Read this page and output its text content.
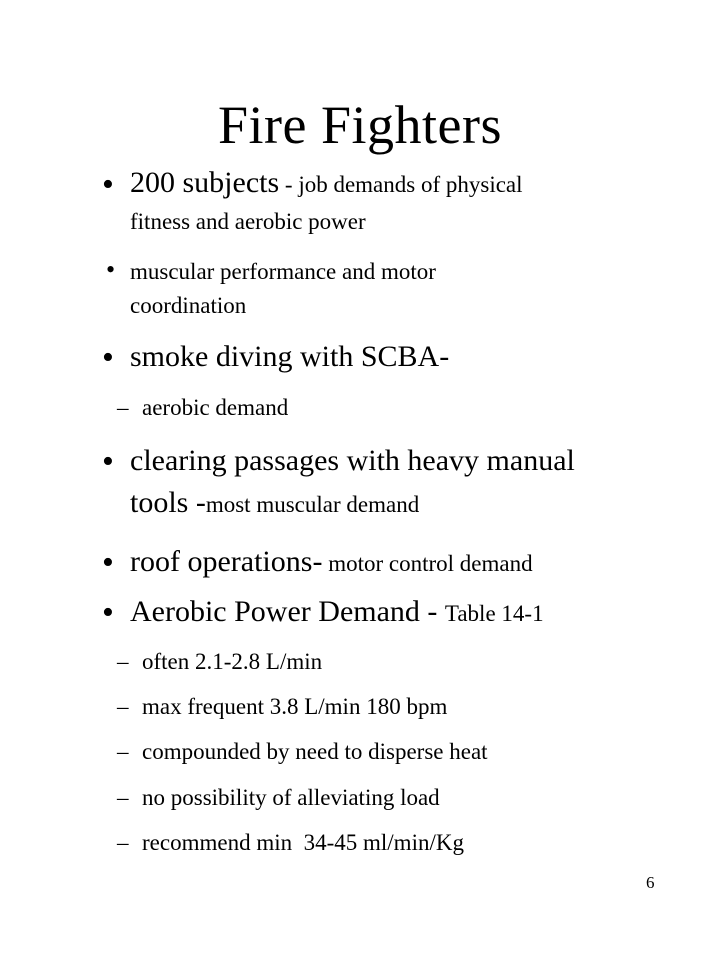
Fire Fighters
• 200 subjects - job demands of physical
fitness and aerobic power
• muscular performance and motor
coordination
• smoke diving with SCBA-
– aerobic demand
• clearing passages with heavy manual
tools -most muscular demand
• roof operations- motor control demand
• Aerobic Power Demand - Table 14-1
– often 2.1-2.8 L/min
– max frequent 3.8 L/min 180 bpm
– compounded by need to disperse heat
– no possibility of alleviating load
– recommend min  34-45 ml/min/Kg
6
